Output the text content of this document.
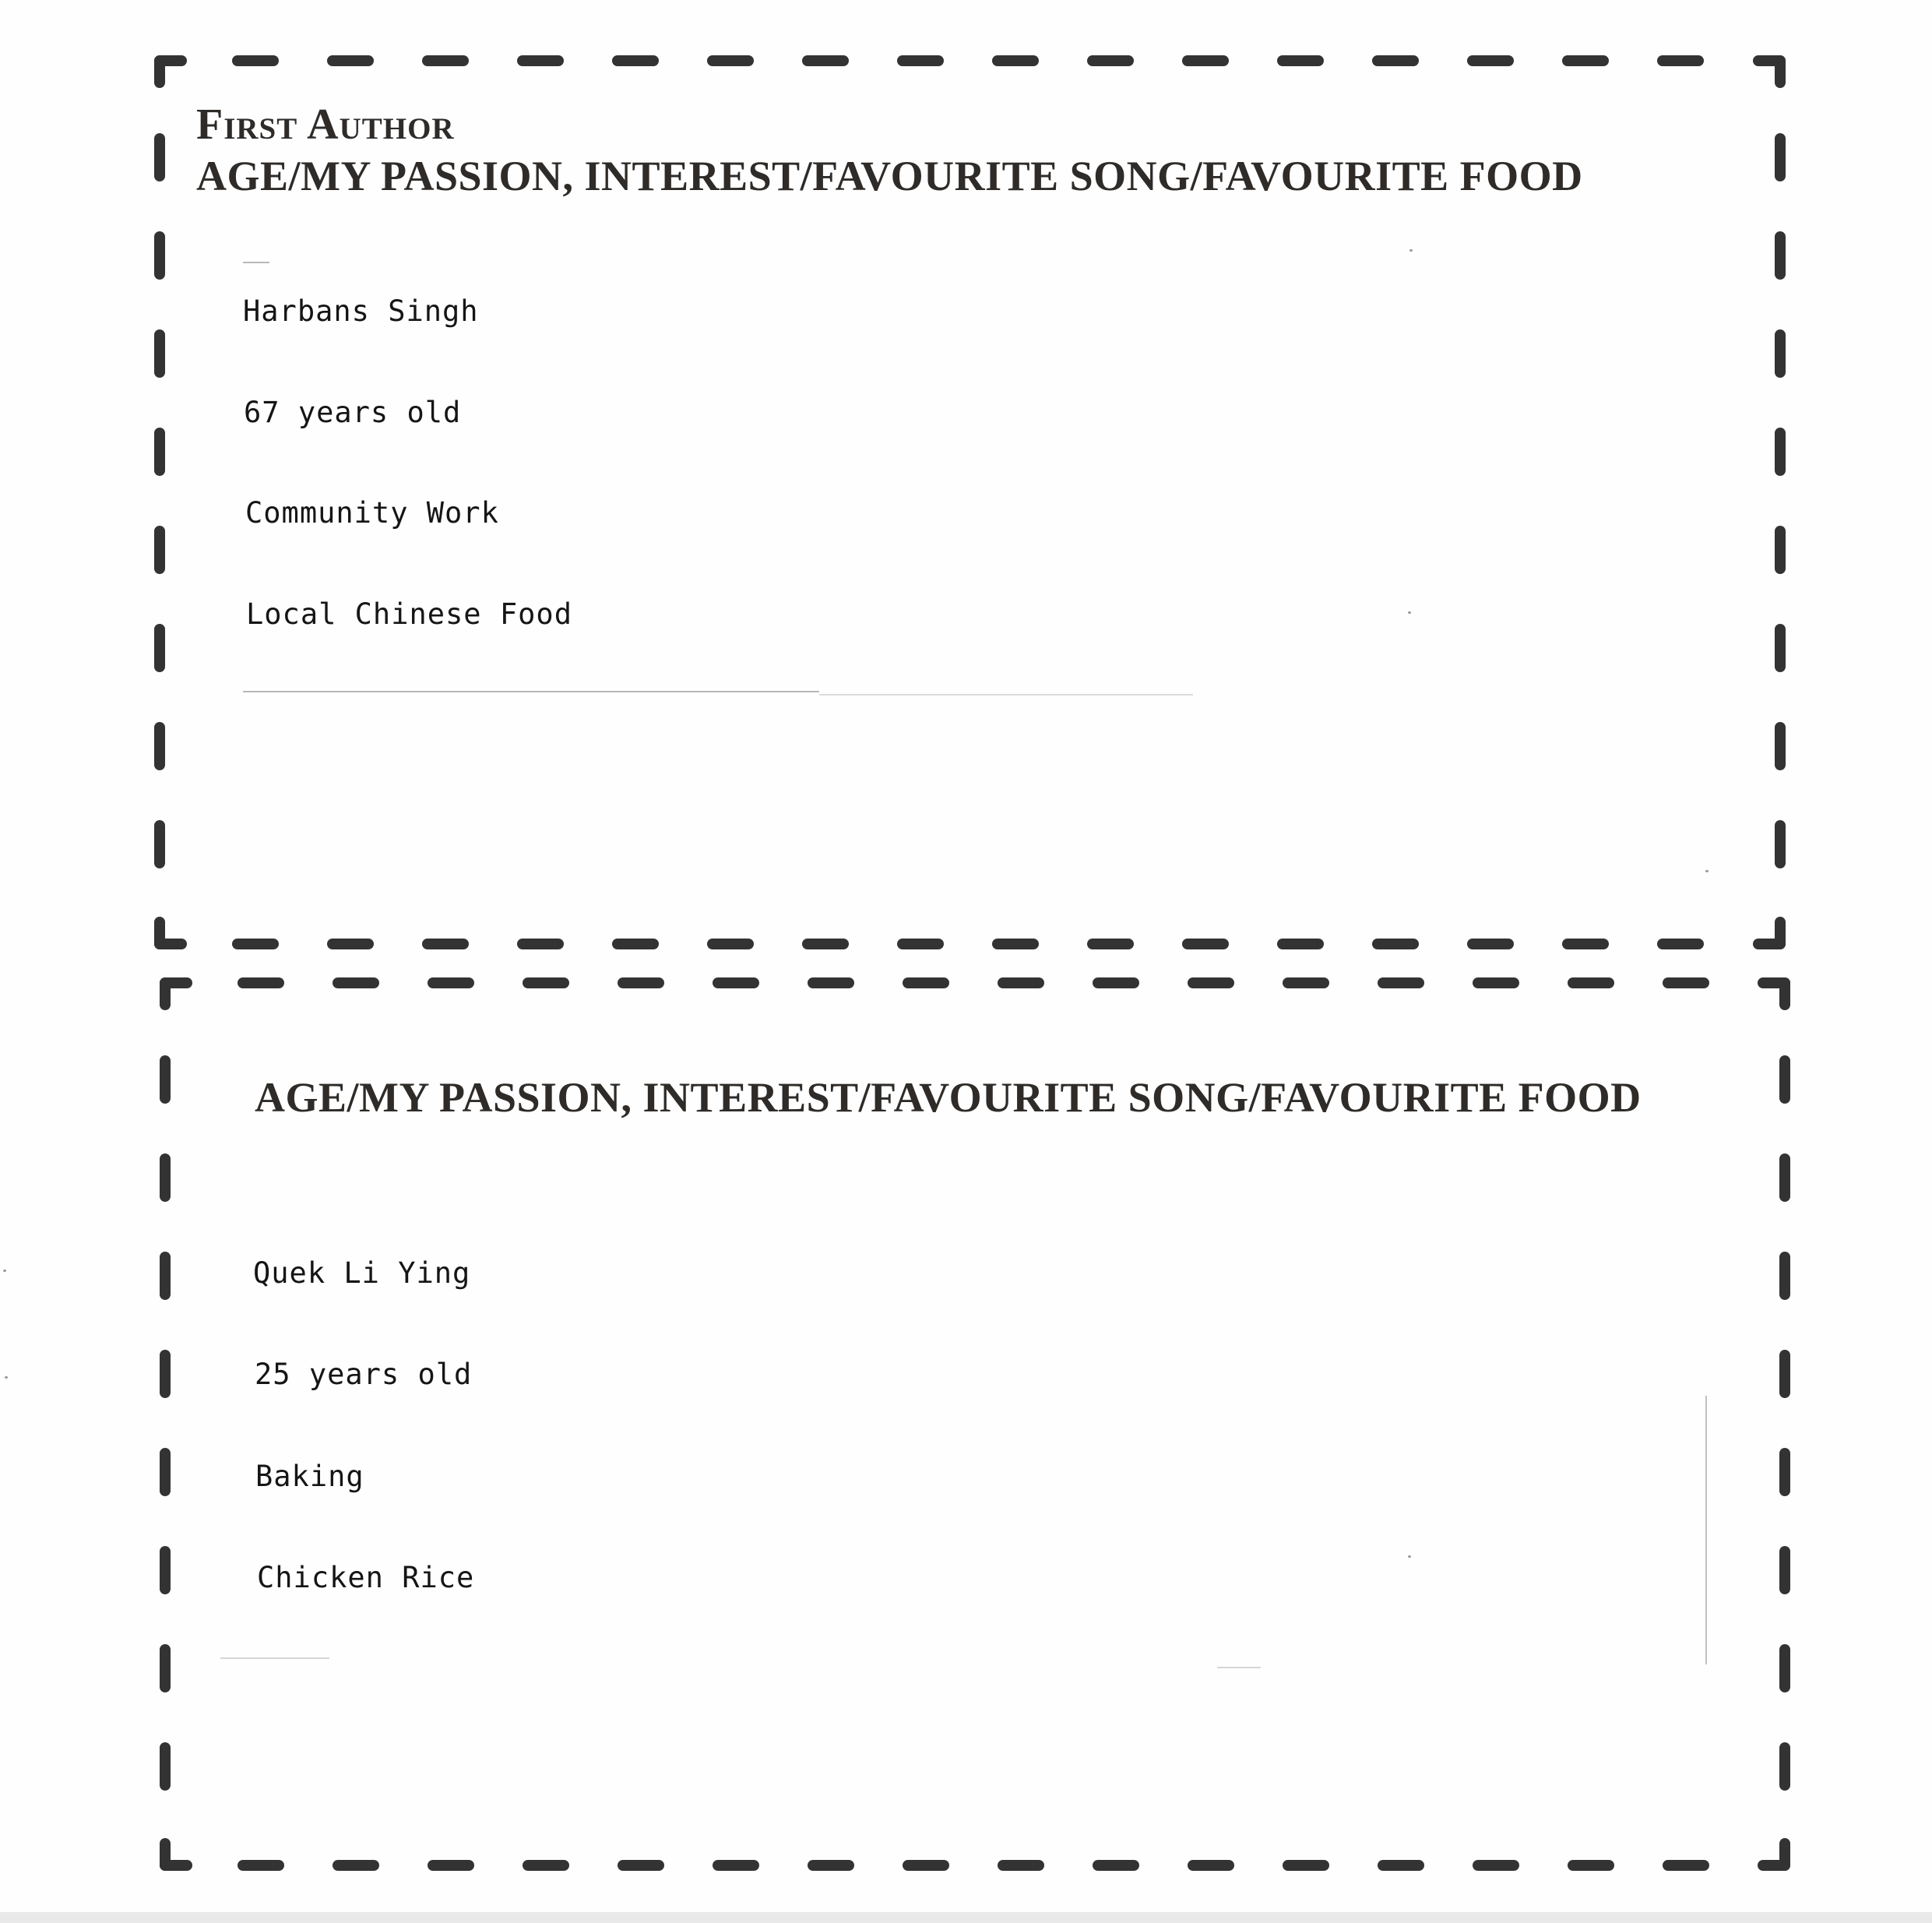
First Author
AGE/MY PASSION, INTEREST/FAVOURITE SONG/FAVOURITE FOOD
Harbans Singh
67 years old
Community Work
Local Chinese Food
AGE/MY PASSION, INTEREST/FAVOURITE SONG/FAVOURITE FOOD
Quek Li Ying
25 years old
Baking
Chicken Rice
